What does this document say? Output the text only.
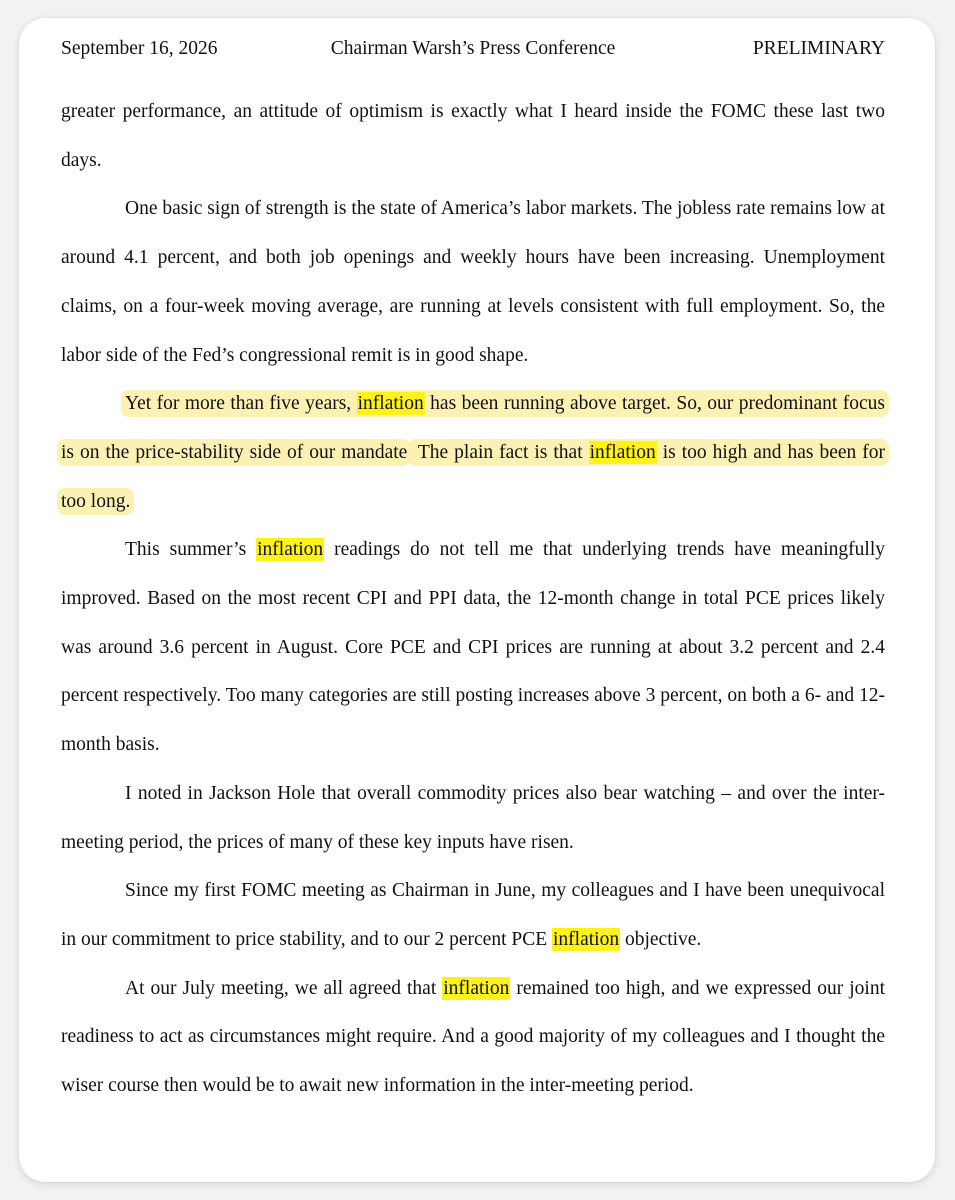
September 16, 2026	Chairman Warsh’s Press Conference	PRELIMINARY

greater performance, an attitude of optimism is exactly what I heard inside the FOMC these last two days.

One basic sign of strength is the state of America’s labor markets. The jobless rate remains low at around 4.1 percent, and both job openings and weekly hours have been increasing. Unemployment claims, on a four-week moving average, are running at levels consistent with full employment. So, the labor side of the Fed’s congressional remit is in good shape.

Yet for more than five years, inflation has been running above target. So, our predominant focus is on the price-stability side of our mandate The plain fact is that inflation is too high and has been for too long.

This summer’s inflation readings do not tell me that underlying trends have meaningfully improved. Based on the most recent CPI and PPI data, the 12-month change in total PCE prices likely was around 3.6 percent in August. Core PCE and CPI prices are running at about 3.2 percent and 2.4 percent respectively. Too many categories are still posting increases above 3 percent, on both a 6- and 12-month basis.

I noted in Jackson Hole that overall commodity prices also bear watching – and over the inter-meeting period, the prices of many of these key inputs have risen.

Since my first FOMC meeting as Chairman in June, my colleagues and I have been unequivocal in our commitment to price stability, and to our 2 percent PCE inflation objective.

At our July meeting, we all agreed that inflation remained too high, and we expressed our joint readiness to act as circumstances might require. And a good majority of my colleagues and I thought the wiser course then would be to await new information in the inter-meeting period.
